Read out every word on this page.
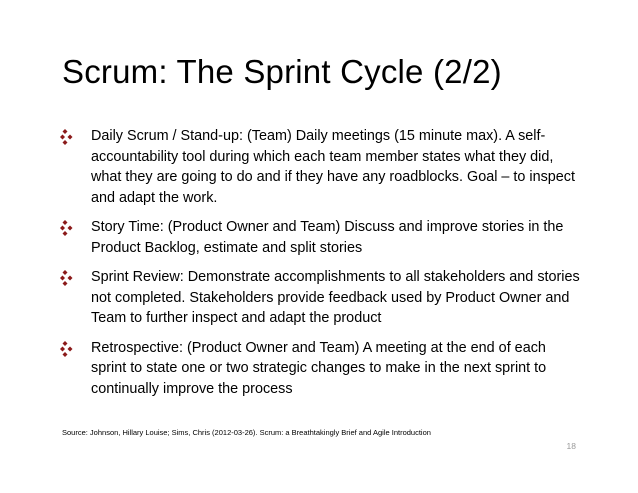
Scrum: The Sprint Cycle (2/2)
Daily Scrum / Stand-up: (Team) Daily meetings (15 minute max). A self-accountability tool during which each team member states what they did, what they are going to do and if they have any roadblocks. Goal – to inspect and adapt the work.
Story Time: (Product Owner and Team) Discuss and improve stories in the Product Backlog, estimate and split stories
Sprint Review: Demonstrate accomplishments to all stakeholders and stories not completed. Stakeholders provide feedback used by Product Owner and Team to further inspect and adapt the product
Retrospective: (Product Owner and Team) A meeting at the end of each sprint to state one or two strategic changes to make in the next sprint to continually improve the process
Source: Johnson, Hillary Louise; Sims, Chris (2012-03-26). Scrum: a Breathtakingly Brief and Agile Introduction
18
